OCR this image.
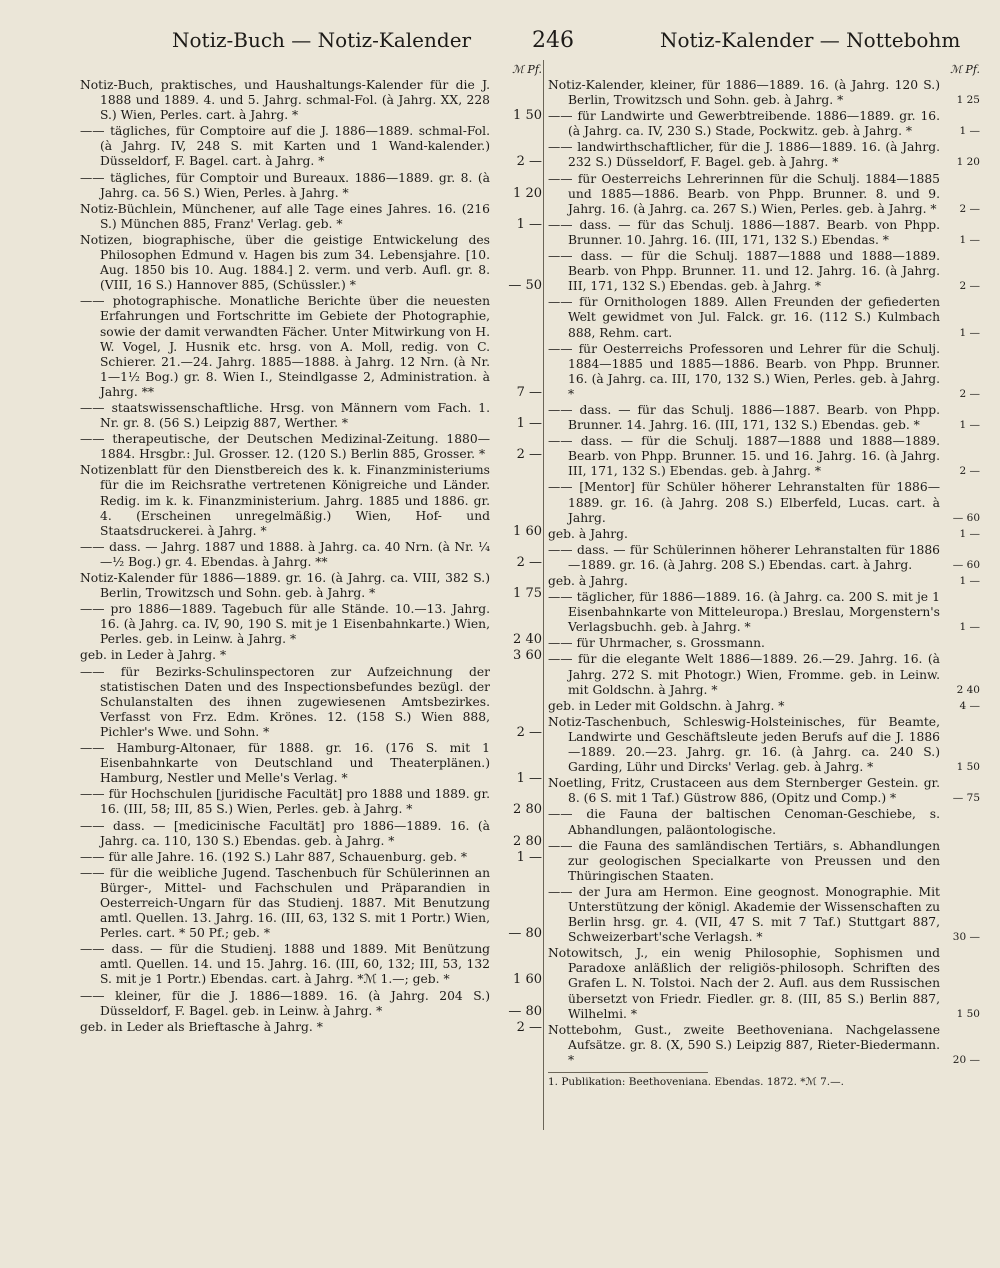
Notiz-Buch — Notiz-Kalender	246	Notiz-Kalender — Nottebohm
ℳ Pf.
Notiz-Buch, praktisches, und Haushaltungs-Kalender für die J. 1888 und 1889. 4. und 5. Jahrg. schmal-Fol. (à Jahrg. XX, 228 S.) Wien, Perles. cart. à Jahrg. *	1 50
—— tägliches, für Comptoire auf die J. 1886—1889. schmal-Fol. (à Jahrg. IV, 248 S. mit Karten und 1 Wand-kalender.) Düsseldorf, F. Bagel. cart. à Jahrg. *	2 —
—— tägliches, für Comptoir und Bureaux. 1886—1889. gr. 8. (à Jahrg. ca. 56 S.) Wien, Perles. à Jahrg. *	1 20
Notiz-Büchlein, Münchener, auf alle Tage eines Jahres. 16. (216 S.) München 885, Franz' Verlag. geb. *	1 —
Notizen, biographische, über die geistige Entwickelung des Philosophen Edmund v. Hagen bis zum 34. Lebensjahre. [10. Aug. 1850 bis 10. Aug. 1884.] 2. verm. und verb. Aufl. gr. 8. (VIII, 16 S.) Hannover 885, (Schüssler.) *	— 50
—— photographische. Monatliche Berichte über die neuesten Erfahrungen und Fortschritte im Gebiete der Photographie, sowie der damit verwandten Fächer. Unter Mitwirkung von H. W. Vogel, J. Husnik etc. hrsg. von A. Moll, redig. von C. Schierer. 21.—24. Jahrg. 1885—1888. à Jahrg. 12 Nrn. (à Nr. 1—1½ Bog.) gr. 8. Wien I., Steindlgasse 2, Administration. à Jahrg. **	7 —
—— staatswissenschaftliche. Hrsg. von Männern vom Fach. 1. Nr. gr. 8. (56 S.) Leipzig 887, Werther. *	1 —
—— therapeutische, der Deutschen Medizinal-Zeitung. 1880—1884. Hrsgbr.: Jul. Grosser. 12. (120 S.) Berlin 885, Grosser. *	2 —
Notizenblatt für den Dienstbereich des k. k. Finanzministeriums für die im Reichsrathe vertretenen Königreiche und Länder. Redig. im k. k. Finanzministerium. Jahrg. 1885 und 1886. gr. 4. (Erscheinen unregelmäßig.) Wien, Hof- und Staatsdruckerei. à Jahrg. *	1 60
—— dass. — Jahrg. 1887 und 1888. à Jahrg. ca. 40 Nrn. (à Nr. ¼—½ Bog.) gr. 4. Ebendas. à Jahrg. **	2 —
Notiz-Kalender für 1886—1889. gr. 16. (à Jahrg. ca. VIII, 382 S.) Berlin, Trowitzsch und Sohn. geb. à Jahrg. *	1 75
—— pro 1886—1889. Tagebuch für alle Stände. 10.—13. Jahrg. 16. (à Jahrg. ca. IV, 90, 190 S. mit je 1 Eisenbahnkarte.) Wien, Perles. geb. in Leinw. à Jahrg. *	2 40
geb. in Leder à Jahrg. *	3 60
—— für Bezirks-Schulinspectoren zur Aufzeichnung der statistischen Daten und des Inspectionsbefundes bezügl. der Schulanstalten des ihnen zugewiesenen Amtsbezirkes. Verfasst von Frz. Edm. Krönes. 12. (158 S.) Wien 888, Pichler's Wwe. und Sohn. *	2 —
—— Hamburg-Altonaer, für 1888. gr. 16. (176 S. mit 1 Eisenbahnkarte von Deutschland und Theaterplänen.) Hamburg, Nestler und Melle's Verlag. *	1 —
—— für Hochschulen [juridische Facultät] pro 1888 und 1889. gr. 16. (III, 58; III, 85 S.) Wien, Perles. geb. à Jahrg. *	2 80
—— dass. — [medicinische Facultät] pro 1886—1889. 16. (à Jahrg. ca. 110, 130 S.) Ebendas. geb. à Jahrg. *	2 80
—— für alle Jahre. 16. (192 S.) Lahr 887, Schauenburg. geb. *	1 —
—— für die weibliche Jugend. Taschenbuch für Schülerinnen an Bürger-, Mittel- und Fachschulen und Präparandien in Oesterreich-Ungarn für das Studienj. 1887. Mit Benutzung amtl. Quellen. 13. Jahrg. 16. (III, 63, 132 S. mit 1 Portr.) Wien, Perles. cart. * 50 Pf.; geb. *	— 80
—— dass. — für die Studienj. 1888 und 1889. Mit Benützung amtl. Quellen. 14. und 15. Jahrg. 16. (III, 60, 132; III, 53, 132 S. mit je 1 Portr.) Ebendas. cart. à Jahrg. *ℳ 1.—; geb. *	1 60
—— kleiner, für die J. 1886—1889. 16. (à Jahrg. 204 S.) Düsseldorf, F. Bagel. geb. in Leinw. à Jahrg. *	— 80
geb. in Leder als Brieftasche à Jahrg. *	2 —
ℳ Pf.
Notiz-Kalender, kleiner, für 1886—1889. 16. (à Jahrg. 120 S.) Berlin, Trowitzsch und Sohn. geb. à Jahrg. *	1 25
—— für Landwirte und Gewerbtreibende. 1886—1889. gr. 16. (à Jahrg. ca. IV, 230 S.) Stade, Pockwitz. geb. à Jahrg. *	1 —
—— landwirthschaftlicher, für die J. 1886—1889. 16. (à Jahrg. 232 S.) Düsseldorf, F. Bagel. geb. à Jahrg. *	1 20
—— für Oesterreichs Lehrerinnen für die Schulj. 1884—1885 und 1885—1886. Bearb. von Phpp. Brunner. 8. und 9. Jahrg. 16. (à Jahrg. ca. 267 S.) Wien, Perles. geb. à Jahrg. *	2 —
—— dass. — für das Schulj. 1886—1887. Bearb. von Phpp. Brunner. 10. Jahrg. 16. (III, 171, 132 S.) Ebendas. *	1 —
—— dass. — für die Schulj. 1887—1888 und 1888—1889. Bearb. von Phpp. Brunner. 11. und 12. Jahrg. 16. (à Jahrg. III, 171, 132 S.) Ebendas. geb. à Jahrg. *	2 —
—— für Ornithologen 1889. Allen Freunden der gefiederten Welt gewidmet von Jul. Falck. gr. 16. (112 S.) Kulmbach 888, Rehm. cart.	1 —
—— für Oesterreichs Professoren und Lehrer für die Schulj. 1884—1885 und 1885—1886. Bearb. von Phpp. Brunner. 16. (à Jahrg. ca. III, 170, 132 S.) Wien, Perles. geb. à Jahrg. *	2 —
—— dass. — für das Schulj. 1886—1887. Bearb. von Phpp. Brunner. 14. Jahrg. 16. (III, 171, 132 S.) Ebendas. geb. *	1 —
—— dass. — für die Schulj. 1887—1888 und 1888—1889. Bearb. von Phpp. Brunner. 15. und 16. Jahrg. 16. (à Jahrg. III, 171, 132 S.) Ebendas. geb. à Jahrg. *	2 —
—— [Mentor] für Schüler höherer Lehranstalten für 1886—1889. gr. 16. (à Jahrg. 208 S.) Elberfeld, Lucas. cart. à Jahrg.	— 60
geb. à Jahrg.	1 —
—— dass. — für Schülerinnen höherer Lehranstalten für 1886—1889. gr. 16. (à Jahrg. 208 S.) Ebendas. cart. à Jahrg.	— 60
geb. à Jahrg.	1 —
—— täglicher, für 1886—1889. 16. (à Jahrg. ca. 200 S. mit je 1 Eisenbahnkarte von Mitteleuropa.) Breslau, Morgenstern's Verlagsbuchh. geb. à Jahrg. *	1 —
—— für Uhrmacher, s. Grossmann.
—— für die elegante Welt 1886—1889. 26.—29. Jahrg. 16. (à Jahrg. 272 S. mit Photogr.) Wien, Fromme. geb. in Leinw. mit Goldschn. à Jahrg. *	2 40
geb. in Leder mit Goldschn. à Jahrg. *	4 —
Notiz-Taschenbuch, Schleswig-Holsteinisches, für Beamte, Landwirte und Geschäftsleute jeden Berufs auf die J. 1886—1889. 20.—23. Jahrg. gr. 16. (à Jahrg. ca. 240 S.) Garding, Lühr und Dircks' Verlag. geb. à Jahrg. *	1 50
Noetling, Fritz, Crustaceen aus dem Sternberger Gestein. gr. 8. (6 S. mit 1 Taf.) Güstrow 886, (Opitz und Comp.) *	— 75
—— die Fauna der baltischen Cenoman-Geschiebe, s. Abhandlungen, paläontologische.
—— die Fauna des samländischen Tertiärs, s. Abhandlungen zur geologischen Specialkarte von Preussen und den Thüringischen Staaten.
—— der Jura am Hermon. Eine geognost. Monographie. Mit Unterstützung der königl. Akademie der Wissenschaften zu Berlin hrsg. gr. 4. (VII, 47 S. mit 7 Taf.) Stuttgart 887, Schweizerbart'sche Verlagsh. *	30 —
Notowitsch, J., ein wenig Philosophie, Sophismen und Paradoxe anläßlich der religiös-philosoph. Schriften des Grafen L. N. Tolstoi. Nach der 2. Aufl. aus dem Russischen übersetzt von Friedr. Fiedler. gr. 8. (III, 85 S.) Berlin 887, Wilhelmi. *	1 50
Nottebohm, Gust., zweite Beethoveniana. Nachgelassene Aufsätze. gr. 8. (X, 590 S.) Leipzig 887, Rieter-Biedermann. *	20 —
1. Publikation: Beethoveniana. Ebendas. 1872. *ℳ 7.—.
